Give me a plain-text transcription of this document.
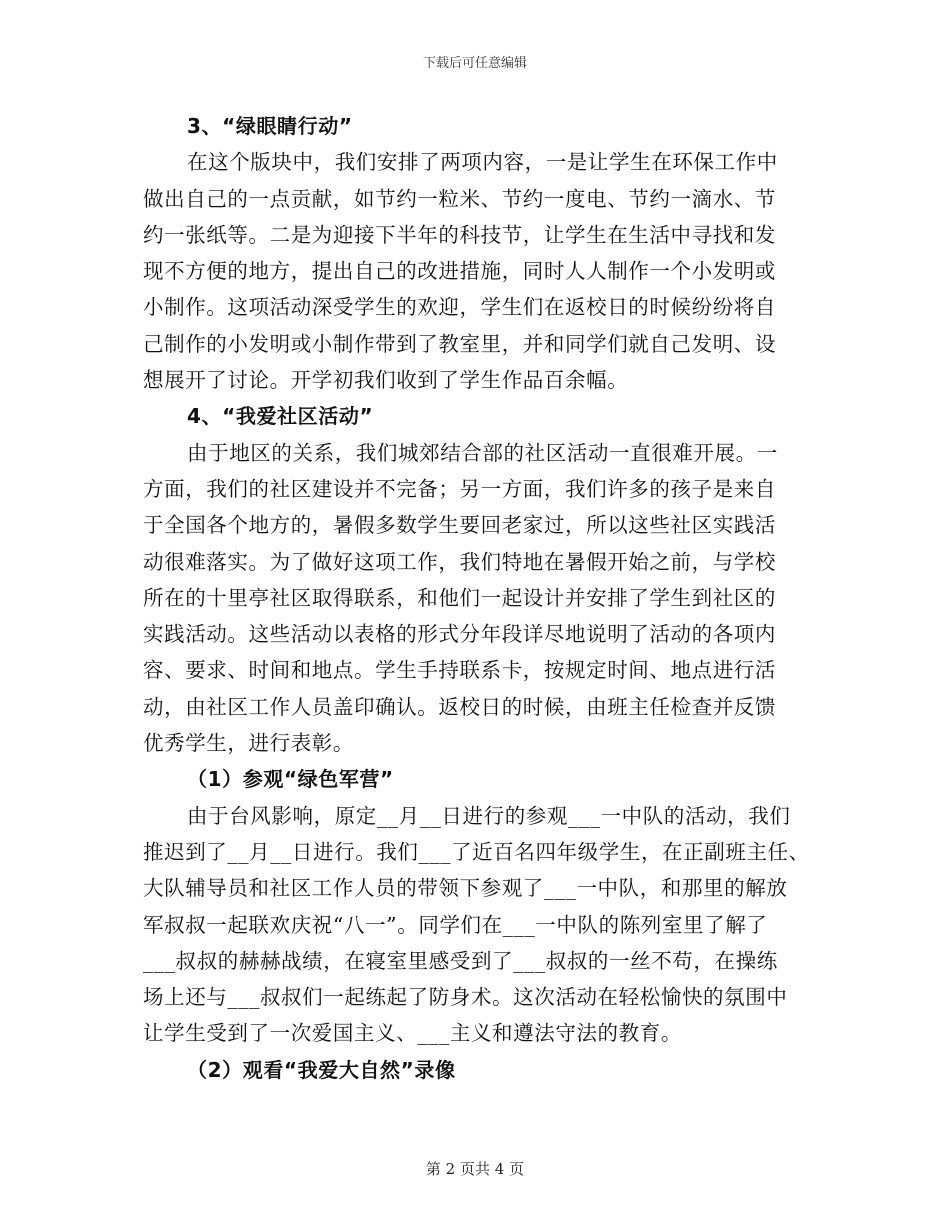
下载后可任意编辑
3、“绿眼睛行动”
在这个版块中，我们安排了两项内容，一是让学生在环保工作中
做出自己的一点贡献，如节约一粒米、节约一度电、节约一滴水、节
约一张纸等。二是为迎接下半年的科技节，让学生在生活中寻找和发
现不方便的地方，提出自己的改进措施，同时人人制作一个小发明或
小制作。这项活动深受学生的欢迎，学生们在返校日的时候纷纷将自
己制作的小发明或小制作带到了教室里，并和同学们就自己发明、设
想展开了讨论。开学初我们收到了学生作品百余幅。
4、“我爱社区活动”
由于地区的关系，我们城郊结合部的社区活动一直很难开展。一
方面，我们的社区建设并不完备；另一方面，我们许多的孩子是来自
于全国各个地方的，暑假多数学生要回老家过，所以这些社区实践活
动很难落实。为了做好这项工作，我们特地在暑假开始之前，与学校
所在的十里亭社区取得联系，和他们一起设计并安排了学生到社区的
实践活动。这些活动以表格的形式分年段详尽地说明了活动的各项内
容、要求、时间和地点。学生手持联系卡，按规定时间、地点进行活
动，由社区工作人员盖印确认。返校日的时候，由班主任检查并反馈
优秀学生，进行表彰。
（1）参观“绿色军营”
由于台风影响，原定__月__日进行的参观___一中队的活动，我们
推迟到了__月__日进行。我们___了近百名四年级学生，在正副班主任、
大队辅导员和社区工作人员的带领下参观了___一中队，和那里的解放
军叔叔一起联欢庆祝“八一”。同学们在___一中队的陈列室里了解了
___叔叔的赫赫战绩，在寝室里感受到了___叔叔的一丝不苟，在操练
场上还与___叔叔们一起练起了防身术。这次活动在轻松愉快的氛围中
让学生受到了一次爱国主义、___主义和遵法守法的教育。
（2）观看“我爱大自然”录像
第 2 页共 4 页
